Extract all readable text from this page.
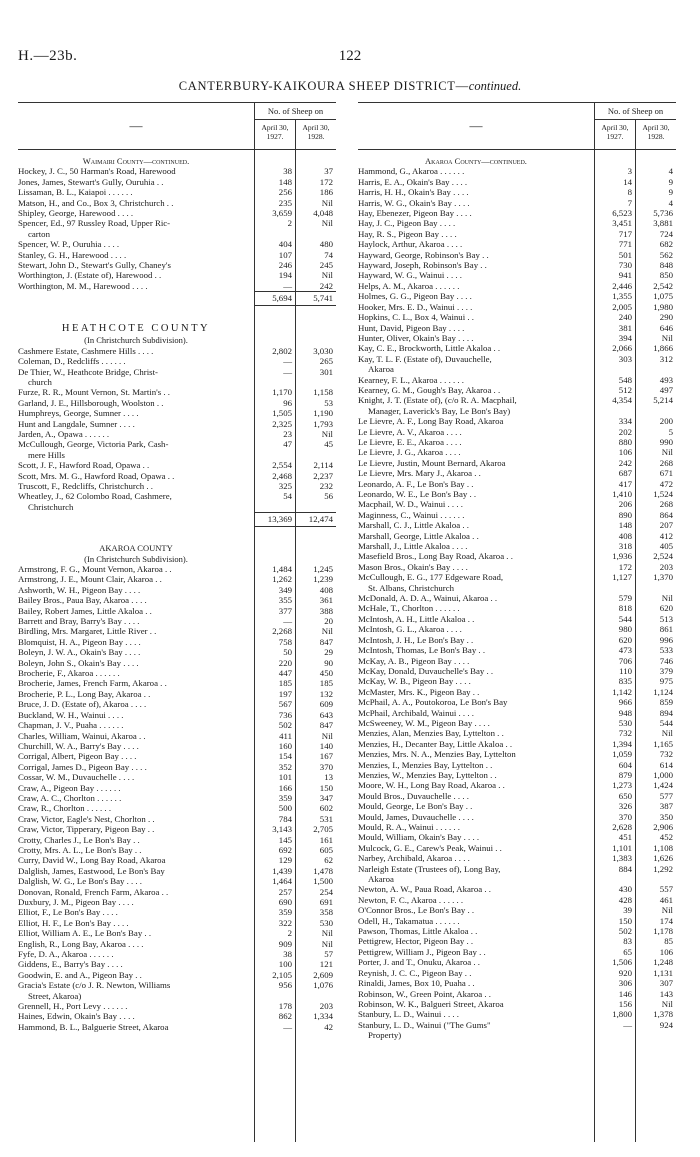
H.—23b.	122
CANTERBURY-KAIKOURA SHEEP DISTRICT—continued.
—
No. of Sheep on
April 30, 1927.
April 30, 1928.
Waimairi County—continued.
Hockey, J. C., 50 Harman's Road, Harewood	38	37
Jones, James, Stewart's Gully, Ouruhia . .	148	172
Lissaman, B. L., Kaiapoi . . . . . .	256	186
Matson, H., and Co., Box 3, Christchurch . .	235	Nil
Shipley, George, Harewood . . . .	3,659	4,048
Spencer, Ed., 97 Russley Road, Upper Ric-	2	Nil
carton
Spencer, W. P., Ouruhia . . . .	404	480
Stanley, G. H., Harewood . . . .	107	74
Stewart, John D., Stewart's Gully, Chaney's	246	245
Worthington, J. (Estate of), Harewood . .	194	Nil
Worthington, M. M., Harewood . . . .	—	242
5,694	5,741
HEATHCOTE COUNTY
(In Christchurch Subdivision).
Cashmere Estate, Cashmere Hills . . . .	2,802	3,030
Coleman, D., Redcliffs . . . . . .	—	265
De Thier, W., Heathcote Bridge, Christ-	—	301
church
Furze, R. R., Mount Vernon, St. Martin's . .	1,170	1,158
Garland, J. E., Hillsborough, Woolston . .	96	53
Humphreys, George, Sumner . . . .	1,505	1,190
Hunt and Langdale, Sumner . . . .	2,325	1,793
Jarden, A., Opawa . . . . . .	23	Nil
McCullough, George, Victoria Park, Cash-	47	45
mere Hills
Scott, J. F., Hawford Road, Opawa . .	2,554	2,114
Scott, Mrs. M. G., Hawford Road, Opawa . .	2,468	2,237
Truscott, F., Redcliffs, Christchurch . .	325	232
Wheatley, J., 62 Colombo Road, Cashmere,	54	56
Christchurch
13,369	12,474
AKAROA COUNTY
(In Christchurch Subdivision).
Armstrong, F. G., Mount Vernon, Akaroa . .	1,484	1,245
Armstrong, J. E., Mount Clair, Akaroa . .	1,262	1,239
Ashworth, W. H., Pigeon Bay . . . .	349	408
Bailey Bros., Paua Bay, Akaroa . . . .	355	361
Bailey, Robert James, Little Akaloa . .	377	388
Barrett and Bray, Barry's Bay . . . .	—	20
Birdling, Mrs. Margaret, Little River . .	2,268	Nil
Blomquist, H. A., Pigeon Bay . . . .	758	847
Boleyn, J. W. A., Okain's Bay . . . .	50	29
Boleyn, John S., Okain's Bay . . . .	220	90
Brocherie, F., Akaroa . . . . . .	447	450
Brocherie, James, French Farm, Akaroa . .	185	185
Brocherie, P. L., Long Bay, Akaroa . .	197	132
Bruce, J. D. (Estate of), Akaroa . . . .	567	609
Buckland, W. H., Wainui . . . .	736	643
Chapman, J. V., Puaha . . . . . .	502	847
Charles, William, Wainui, Akaroa . .	411	Nil
Churchill, W. A., Barry's Bay . . . .	160	140
Corrigal, Albert, Pigeon Bay . . . .	154	167
Corrigal, James D., Pigeon Bay . . . .	352	370
Cossar, W. M., Duvauchelle . . . .	101	13
Craw, A., Pigeon Bay . . . . . .	166	150
Craw, A. C., Chorlton . . . . . .	359	347
Craw, R., Chorlton . . . . . .	500	602
Craw, Victor, Eagle's Nest, Chorlton . .	784	531
Craw, Victor, Tipperary, Pigeon Bay . .	3,143	2,705
Crotty, Charles J., Le Bon's Bay . .	145	161
Crotty, Mrs. A. L., Le Bon's Bay . .	692	605
Curry, David W., Long Bay Road, Akaroa	129	62
Dalglish, James, Eastwood, Le Bon's Bay	1,439	1,478
Dalglish, W. G., Le Bon's Bay . . . .	1,464	1,500
Donovan, Ronald, French Farm, Akaroa . .	257	254
Duxbury, J. M., Pigeon Bay . . . .	690	691
Elliot, F., Le Bon's Bay . . . .	359	358
Elliot, H. F., Le Bon's Bay . . . .	322	530
Elliot, William A. E., Le Bon's Bay . .	2	Nil
English, R., Long Bay, Akaroa . . . .	909	Nil
Fyfe, D. A., Akaroa . . . . . .	38	57
Giddens, E., Barry's Bay . . . .	100	121
Goodwin, E. and A., Pigeon Bay . .	2,105	2,609
Gracia's Estate (c/o J. R. Newton, Williams	956	1,076
Street, Akaroa)
Grennell, H., Port Levy . . . . . .	178	203
Haines, Edwin, Okain's Bay . . . .	862	1,334
Hammond, B. L., Balguerie Street, Akaroa	—	42
—
No. of Sheep on
April 30, 1927.
April 30, 1928.
Akaroa County—continued.
Hammond, G., Akaroa . . . . . .	3	4
Harris, E. A., Okain's Bay . . . .	14	9
Harris, H. H., Okain's Bay . . . .	8	9
Harris, W. G., Okain's Bay . . . .	7	4
Hay, Ebenezer, Pigeon Bay . . . .	6,523	5,736
Hay, J. C., Pigeon Bay . . . .	3,451	3,881
Hay, R. S., Pigeon Bay . . . .	717	724
Haylock, Arthur, Akaroa . . . .	771	682
Hayward, George, Robinson's Bay . .	501	562
Hayward, Joseph, Robinson's Bay . .	730	848
Hayward, W. G., Wainui . . . .	941	850
Helps, A. M., Akaroa . . . . . .	2,446	2,542
Holmes, G. G., Pigeon Bay . . . .	1,355	1,075
Hooker, Mrs. E. D., Wainui . . . .	2,005	1,980
Hopkins, C. L., Box 4, Wainui . .	240	290
Hunt, David, Pigeon Bay . . . .	381	646
Hunter, Oliver, Okain's Bay . . . .	394	Nil
Kay, C. E., Brockworth, Little Akaloa . .	2,066	1,866
Kay, T. L. F. (Estate of), Duvauchelle,	303	312
Akaroa
Kearney, F. L., Akaroa . . . . . .	548	493
Kearney, G. M., Gough's Bay, Akaroa . .	512	497
Knight, J. T. (Estate of), (c/o R. A. Macphail,	4,354	5,214
Manager, Laverick's Bay, Le Bon's Bay)
Le Lievre, A. F., Long Bay Road, Akaroa	334	200
Le Lievre, A. V., Akaroa . . . .	202	5
Le Lievre, E. E., Akaroa . . . .	880	990
Le Lievre, J. G., Akaroa . . . .	106	Nil
Le Lievre, Justin, Mount Bernard, Akaroa	242	268
Le Lievre, Mrs. Mary J., Akaroa . .	687	671
Leonardo, A. F., Le Bon's Bay . .	417	472
Leonardo, W. E., Le Bon's Bay . .	1,410	1,524
Macphail, W. D., Wainui . . . .	206	268
Maginness, C., Wainui . . . . . .	890	864
Marshall, C. J., Little Akaloa . .	148	207
Marshall, George, Little Akaloa . .	408	412
Marshall, J., Little Akaloa . . . .	318	405
Masefield Bros., Long Bay Road, Akaroa . .	1,936	2,524
Mason Bros., Okain's Bay . . . .	172	203
McCullough, E. G., 177 Edgeware Road,	1,127	1,370
St. Albans, Christchurch
McDonald, A. D. A., Wainui, Akaroa . .	579	Nil
McHale, T., Chorlton . . . . . .	818	620
McIntosh, A. H., Little Akaloa . .	544	513
McIntosh, G. L., Akaroa . . . .	980	861
McIntosh, J. H., Le Bon's Bay . .	620	996
McIntosh, Thomas, Le Bon's Bay . .	473	533
McKay, A. B., Pigeon Bay . . . .	706	746
McKay, Donald, Duvauchelle's Bay . .	110	379
McKay, W. B., Pigeon Bay . . . .	835	975
McMaster, Mrs. K., Pigeon Bay . .	1,142	1,124
McPhail, A. A., Poutokoroa, Le Bon's Bay	966	859
McPhail, Archibald, Wainui . . . .	948	894
McSweeney, W. M., Pigeon Bay . . . .	530	544
Menzies, Alan, Menzies Bay, Lyttelton . .	732	Nil
Menzies, H., Decanter Bay, Little Akaloa . .	1,394	1,165
Menzies, Mrs. N. A., Menzies Bay, Lyttelton	1,059	732
Menzies, I., Menzies Bay, Lyttelton . .	604	614
Menzies, W., Menzies Bay, Lyttelton . .	879	1,000
Moore, W. H., Long Bay Road, Akaroa . .	1,273	1,424
Mould Bros., Duvauchelle . . . .	650	577
Mould, George, Le Bon's Bay . .	326	387
Mould, James, Duvauchelle . . . .	370	350
Mould, R. A., Wainui . . . . . .	2,628	2,906
Mould, William, Okain's Bay . . . .	451	452
Mulcock, G. E., Carew's Peak, Wainui . .	1,101	1,108
Narbey, Archibald, Akaroa . . . .	1,383	1,626
Narleigh Estate (Trustees of), Long Bay,	884	1,292
Akaroa
Newton, A. W., Paua Road, Akaroa . .	430	557
Newton, F. C., Akaroa . . . . . .	428	461
O'Connor Bros., Le Bon's Bay . .	39	Nil
Odell, H., Takamatua . . . . . .	150	174
Pawson, Thomas, Little Akaloa . .	502	1,178
Pettigrew, Hector, Pigeon Bay . .	83	85
Pettigrew, William J., Pigeon Bay . .	65	106
Porter, J. and T., Onuku, Akaroa . .	1,506	1,248
Reynish, J. C. C., Pigeon Bay . .	920	1,131
Rinaldi, James, Box 10, Puaha . .	306	307
Robinson, W., Green Point, Akaroa . .	146	143
Robinson, W. K., Balgueri Street, Akaroa	156	Nil
Stanbury, L. D., Wainui . . . .	1,800	1,378
Stanbury, L. D., Wainui ("The Gums"	—	924
Property)
